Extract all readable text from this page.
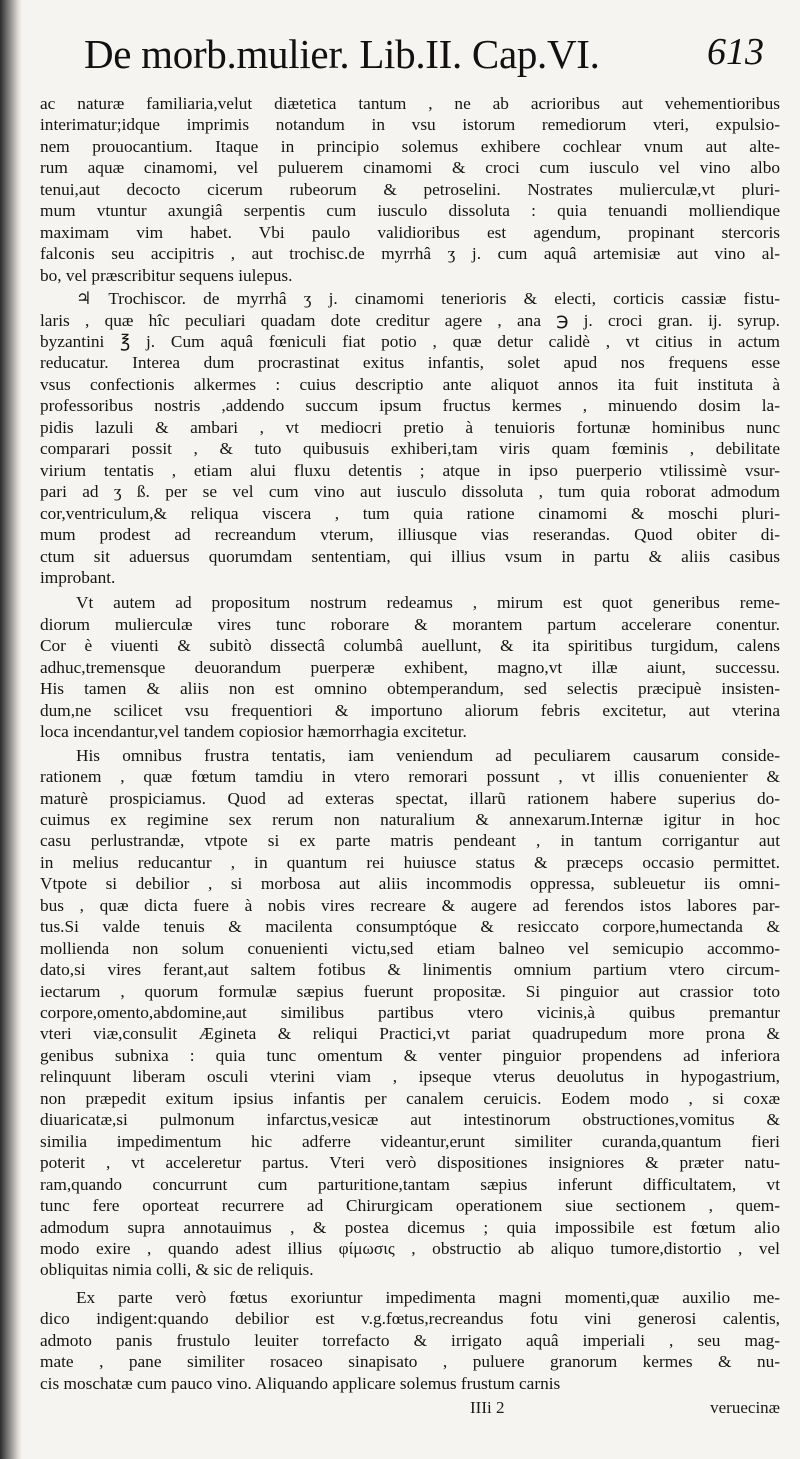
De morb.mulier. Lib.II. Cap.VI.	613
ac naturæ familiaria,velut diætetica tantum , ne ab acrioribus aut vehementioribus
interimatur;idque imprimis notandum in vsu istorum remediorum vteri, expulsio-
nem prouocantium. Itaque in principio solemus exhibere cochlear vnum aut alte-
rum aquæ cinamomi, vel puluerem cinamomi & croci cum iusculo vel vino albo
tenui,aut decocto cicerum rubeorum & petroselini. Nostrates mulierculæ,vt pluri-
mum vtuntur axungiâ serpentis cum iusculo dissoluta : quia tenuandi molliendique
maximam vim habet. Vbi paulo validioribus est agendum, propinant stercoris
falconis seu accipitris , aut trochisc.de myrrhâ ʒ j. cum aquâ artemisiæ aut vino al-
bo, vel præscribitur sequens iulepus.
♃ Trochiscor. de myrrhâ ʒ j. cinamomi tenerioris & electi, corticis cassiæ fistu-
laris , quæ hîc peculiari quadam dote creditur agere , ana ℈ j. croci gran. ij. syrup.
byzantini ℥ j. Cum aquâ fœniculi fiat potio , quæ detur calidè , vt citius in actum
reducatur. Interea dum procrastinat exitus infantis, solet apud nos frequens esse
vsus confectionis alkermes : cuius descriptio ante aliquot annos ita fuit instituta à
professoribus nostris ,addendo succum ipsum fructus kermes , minuendo dosim la-
pidis lazuli & ambari , vt mediocri pretio à tenuioris fortunæ hominibus nunc
comparari possit , & tuto quibusuis exhiberi,tam viris quam fœminis , debilitate
virium tentatis , etiam alui fluxu detentis ; atque in ipso puerperio vtilissimè vsur-
pari ad ʒ ß. per se vel cum vino aut iusculo dissoluta , tum quia roborat admodum
cor,ventriculum,& reliqua viscera , tum quia ratione cinamomi & moschi pluri-
mum prodest ad recreandum vterum, illiusque vias reserandas. Quod obiter di-
ctum sit aduersus quorumdam sententiam, qui illius vsum in partu & aliis casibus
improbant.
Vt autem ad propositum nostrum redeamus , mirum est quot generibus reme-
diorum mulierculæ vires tunc roborare & morantem partum accelerare conentur.
Cor è viuenti & subitò dissectâ columbâ auellunt, & ita spiritibus turgidum, calens
adhuc,tremensque deuorandum puerperæ exhibent, magno,vt illæ aiunt, successu.
His tamen & aliis non est omnino obtemperandum, sed selectis præcipuè insisten-
dum,ne scilicet vsu frequentiori & importuno aliorum febris excitetur, aut vterina
loca incendantur,vel tandem copiosior hæmorrhagia excitetur.
His omnibus frustra tentatis, iam veniendum ad peculiarem causarum conside-
rationem , quæ fœtum tamdiu in vtero remorari possunt , vt illis conuenienter &
maturè prospiciamus. Quod ad exteras spectat, illarũ rationem habere superius do-
cuimus ex regimine sex rerum non naturalium & annexarum.Internæ igitur in hoc
casu perlustrandæ, vtpote si ex parte matris pendeant , in tantum corrigantur aut
in melius reducantur , in quantum rei huiusce status & præceps occasio permittet.
Vtpote si debilior , si morbosa aut aliis incommodis oppressa, subleuetur iis omni-
bus , quæ dicta fuere à nobis vires recreare & augere ad ferendos istos labores par-
tus.Si valde tenuis & macilenta consumptóque & resiccato corpore,humectanda &
mollienda non solum conuenienti victu,sed etiam balneo vel semicupio accommo-
dato,si vires ferant,aut saltem fotibus & linimentis omnium partium vtero circum-
iectarum , quorum formulæ sæpius fuerunt propositæ. Si pinguior aut crassior toto
corpore,omento,abdomine,aut similibus partibus vtero vicinis,à quibus premantur
vteri viæ,consulit Ægineta & reliqui Practici,vt pariat quadrupedum more prona &
genibus subnixa : quia tunc omentum & venter pinguior propendens ad inferiora
relinquunt liberam osculi vterini viam , ipseque vterus deuolutus in hypogastrium,
non præpedit exitum ipsius infantis per canalem ceruicis. Eodem modo , si coxæ
diuaricatæ,si pulmonum infarctus,vesicæ aut intestinorum obstructiones,vomitus &
similia impedimentum hic adferre videantur,erunt similiter curanda,quantum fieri
poterit , vt acceleretur partus. Vteri verò dispositiones insigniores & præter natu-
ram,quando concurrunt cum parturitione,tantam sæpius inferunt difficultatem, vt
tunc fere oporteat recurrere ad Chirurgicam operationem siue sectionem , quem-
admodum supra annotauimus , & postea dicemus ; quia impossibile est fœtum alio
modo exire , quando adest illius φίμωσις , obstructio ab aliquo tumore,distortio , vel
obliquitas nimia colli, & sic de reliquis.
Ex parte verò fœtus exoriuntur impedimenta magni momenti,quæ auxilio me-
dico indigent:quando debilior est v.g.fœtus,recreandus fotu vini generosi calentis,
admoto panis frustulo leuiter torrefacto & irrigato aquâ imperiali , seu mag-
mate , pane similiter rosaceo sinapisato , puluere granorum kermes & nu-
cis moschatæ cum pauco vino. Aliquando applicare solemus frustum carnis
IIIi 2	veruecinæ
